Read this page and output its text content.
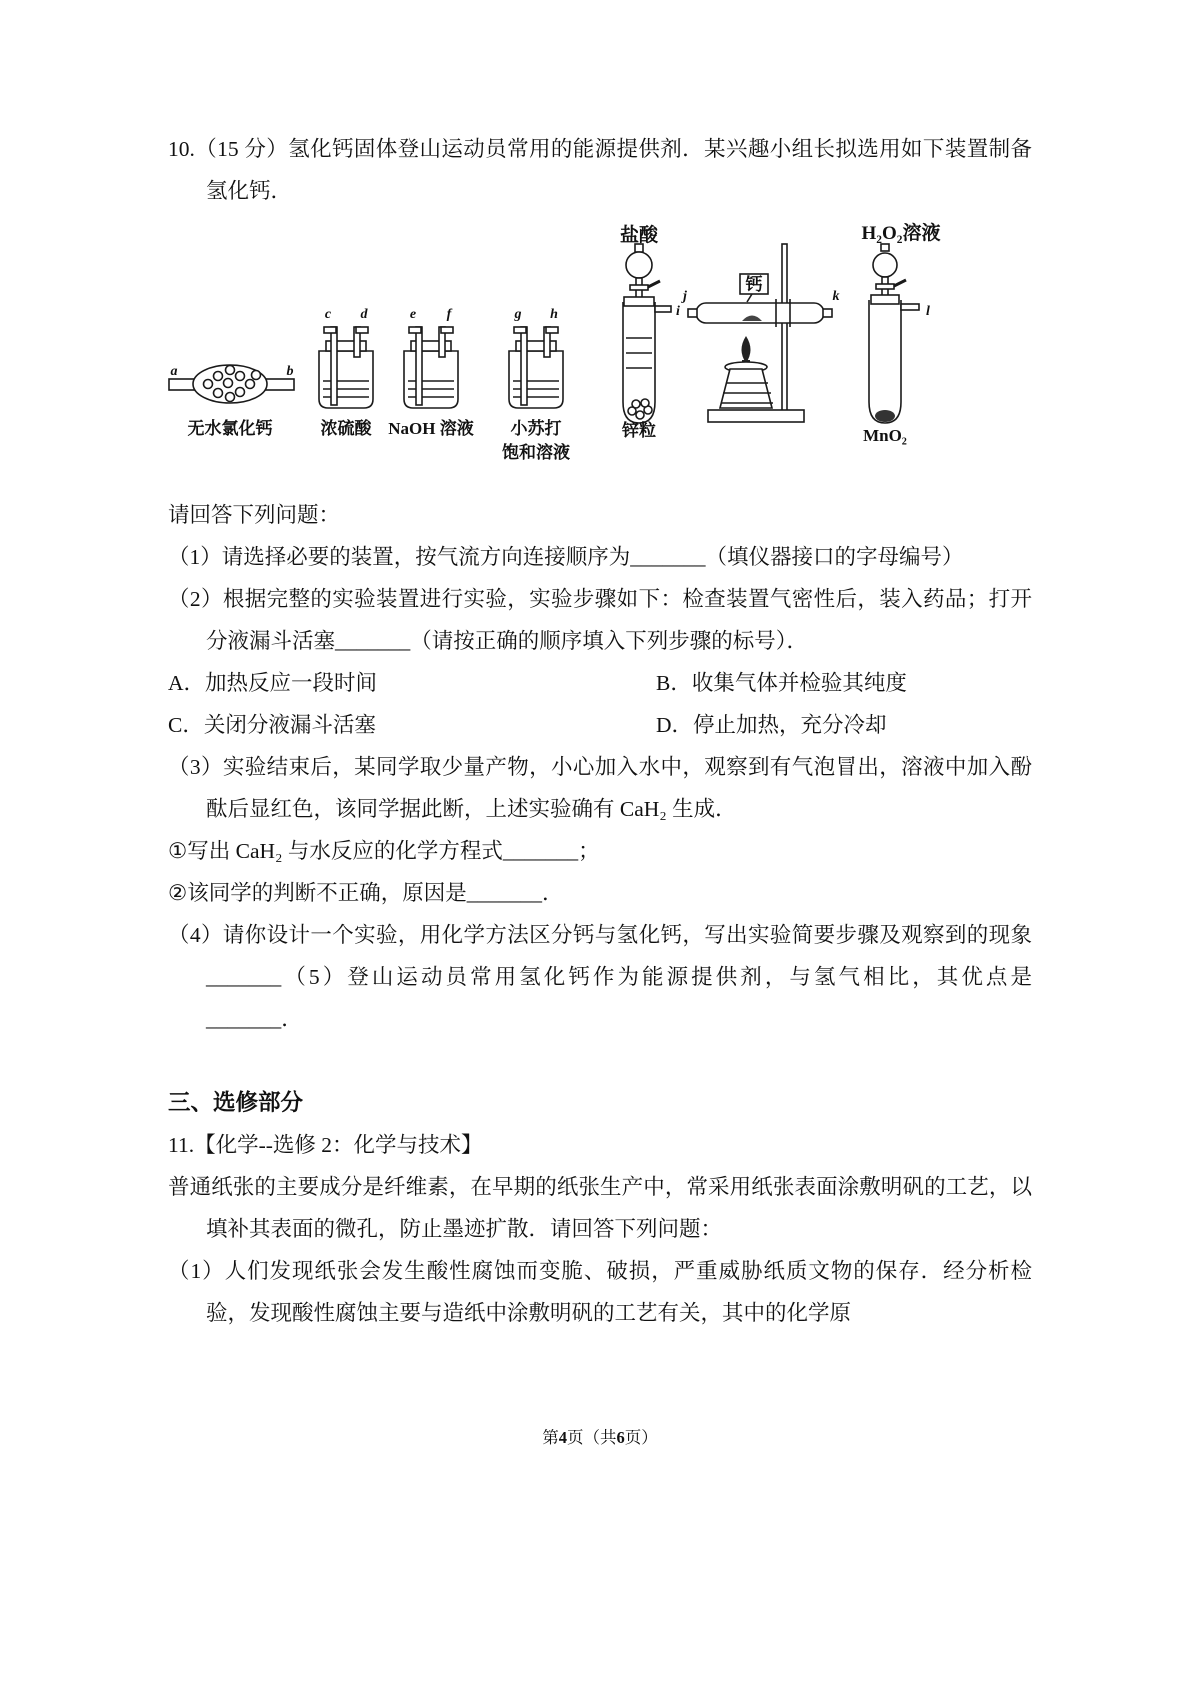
10.（15 分）氢化钙固体登山运动员常用的能源提供剂．某兴趣小组长拟选用如下装置制备氢化钙．

a	b
c d	e f	g h	i
j	k
l
盐酸	H₂O₂溶液
钙
无水氯化钙	浓硫酸 NaOH 溶液 小苏打
饱和溶液
锌粒	MnO₂

请回答下列问题：

（1）请选择必要的装置，按气流方向连接顺序为_______（填仪器接口的字母编号）

（2）根据完整的实验装置进行实验，实验步骤如下：检查装置气密性后，装入药品；打开分液漏斗活塞_______（请按正确的顺序填入下列步骤的标号）．

A．加热反应一段时间	B．收集气体并检验其纯度
C．关闭分液漏斗活塞	D．停止加热，充分冷却

（3）实验结束后，某同学取少量产物，小心加入水中，观察到有气泡冒出，溶液中加入酚酞后显红色，该同学据此断，上述实验确有 CaH₂ 生成．

①写出 CaH₂ 与水反应的化学方程式_______；

②该同学的判断不正确，原因是_______．

（4）请你设计一个实验，用化学方法区分钙与氢化钙，写出实验简要步骤及观察到的现象_______（5）登山运动员常用氢化钙作为能源提供剂，与氢气相比，其优点是_______．

三、选修部分

11.【化学‐‐选修 2：化学与技术】

普通纸张的主要成分是纤维素，在早期的纸张生产中，常采用纸张表面涂敷明矾的工艺，以填补其表面的微孔，防止墨迹扩散．请回答下列问题：

（1）人们发现纸张会发生酸性腐蚀而变脆、破损，严重威胁纸质文物的保存．经分析检验，发现酸性腐蚀主要与造纸中涂敷明矾的工艺有关，其中的化学原

第4页（共6页）
